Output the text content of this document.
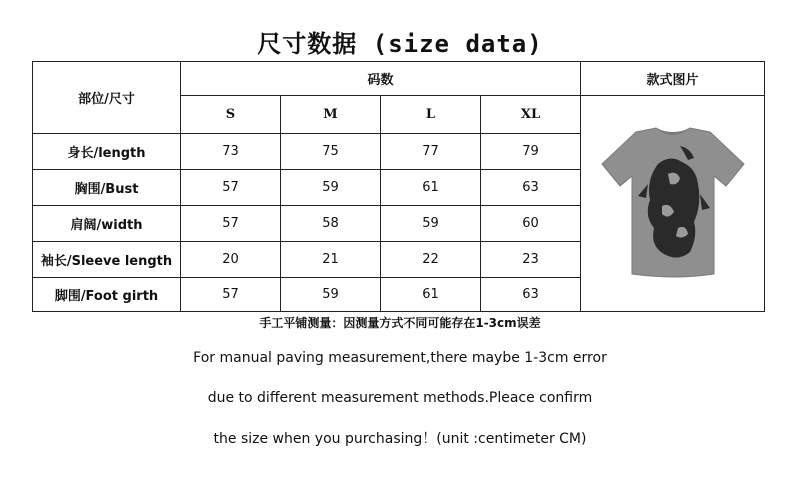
尺寸数据 (size data)
部位/尺寸	码数				款式图片
	S	M	L	XL	

身长/length	73	75	77	79	
胸围/Bust	57	59	61	63	
肩阔/width	57	58	59	60	
袖长/Sleeve length	20	21	22	23	
脚围/Foot girth	57	59	61	63	
手工平铺测量：因测量方式不同可能存在1-3cm误差
For manual paving measurement,there maybe 1-3cm error
due to different measurement methods.Pleace confirm
the size when you purchasing！(unit :centimeter CM)
